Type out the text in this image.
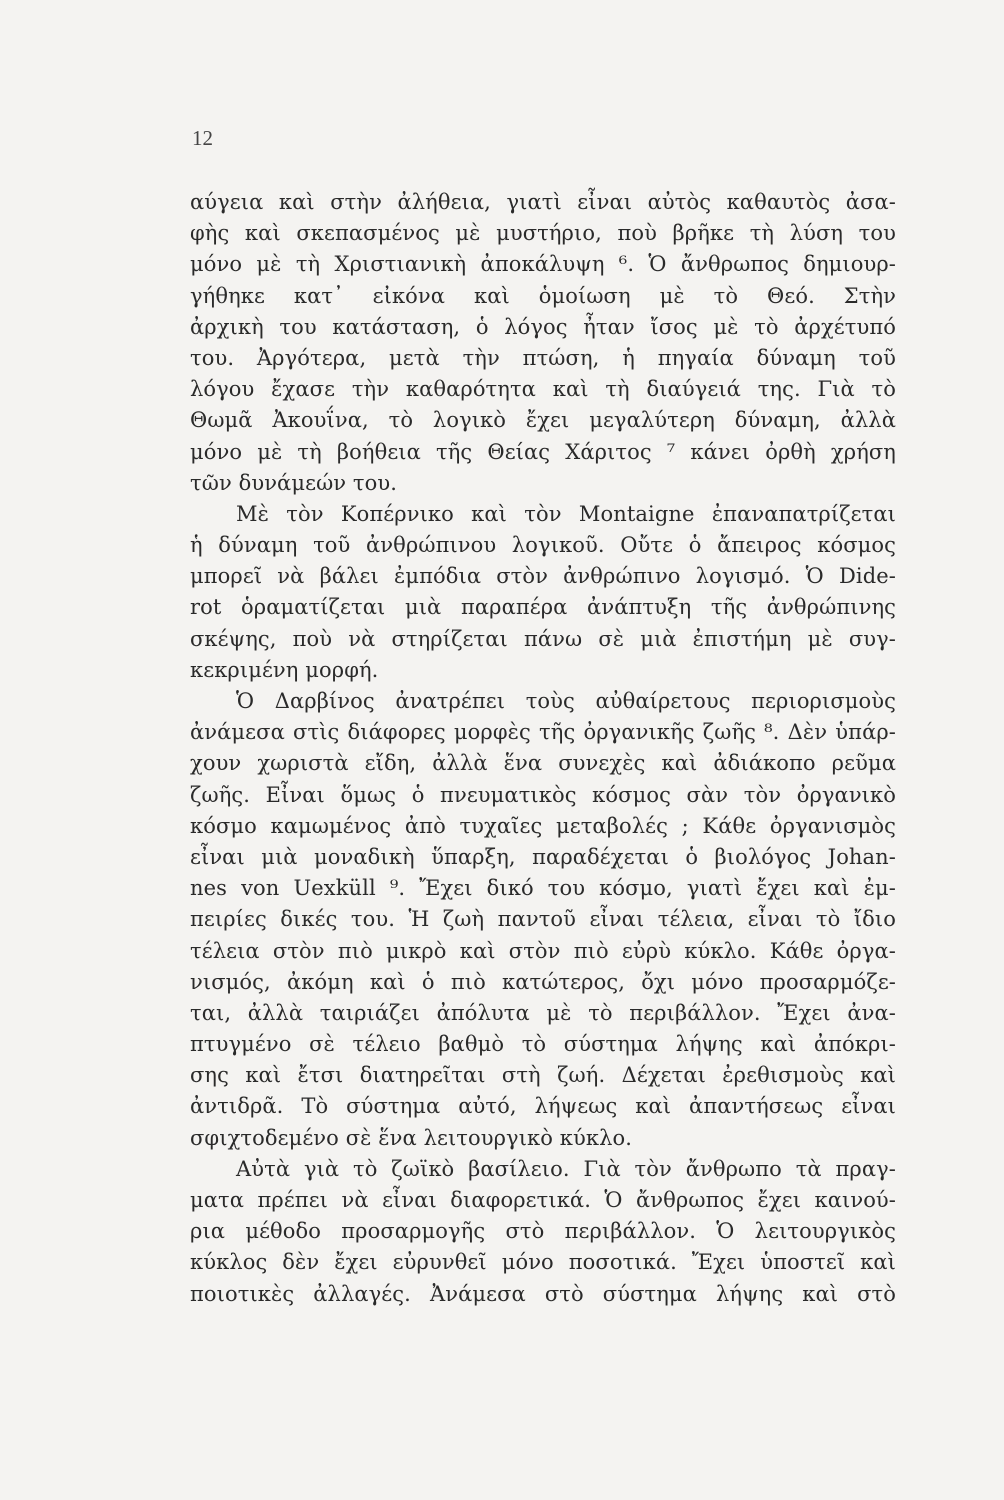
12
αύγεια καὶ στὴν ἀλήθεια, γιατὶ εἶναι αὐτὸς καθαυτὸς ἀσα-
φὴς καὶ σκεπασμένος μὲ μυστήριο, ποὺ βρῆκε τὴ λύση του
μόνο μὲ τὴ Χριστιανικὴ ἀποκάλυψη ⁶. Ὁ ἄνθρωπος δημιουρ-
γήθηκε κατ᾽ εἰκόνα καὶ ὁμοίωση μὲ τὸ Θεό. Στὴν
ἀρχικὴ του κατάσταση, ὁ λόγος ἦταν ἴσος μὲ τὸ ἀρχέτυπό
του. Ἀργότερα, μετὰ τὴν πτώση, ἡ πηγαία δύναμη τοῦ
λόγου ἔχασε τὴν καθαρότητα καὶ τὴ διαύγειά της. Γιὰ τὸ
Θωμᾶ Ἀκουΐνα, τὸ λογικὸ ἔχει μεγαλύτερη δύναμη, ἀλλὰ
μόνο μὲ τὴ βοήθεια τῆς Θείας Χάριτος ⁷ κάνει ὀρθὴ χρήση
τῶν δυνάμεών του.
Μὲ τὸν Κοπέρνικο καὶ τὸν Montaigne ἐπαναπατρίζεται
ἡ δύναμη τοῦ ἀνθρώπινου λογικοῦ. Οὔτε ὁ ἄπειρος κόσμος
μπορεῖ νὰ βάλει ἐμπόδια στὸν ἀνθρώπινο λογισμό. Ὁ Dide-
rot ὁραματίζεται μιὰ παραπέρα ἀνάπτυξη τῆς ἀνθρώπινης
σκέψης, ποὺ νὰ στηρίζεται πάνω σὲ μιὰ ἐπιστήμη μὲ συγ-
κεκριμένη μορφή.
Ὁ Δαρβίνος ἀνατρέπει τοὺς αὐθαίρετους περιορισμοὺς
ἀνάμεσα στὶς διάφορες μορφὲς τῆς ὀργανικῆς ζωῆς ⁸. Δὲν ὑπάρ-
χουν χωριστὰ εἴδη, ἀλλὰ ἕνα συνεχὲς καὶ ἀδιάκοπο ρεῦμα
ζωῆς. Εἶναι ὅμως ὁ πνευματικὸς κόσμος σὰν τὸν ὀργανικὸ
κόσμο καμωμένος ἀπὸ τυχαῖες μεταβολές ; Κάθε ὀργανισμὸς
εἶναι μιὰ μοναδικὴ ὕπαρξη, παραδέχεται ὁ βιολόγος Johan-
nes von Uexküll ⁹. Ἔχει δικό του κόσμο, γιατὶ ἔχει καὶ ἐμ-
πειρίες δικές του. Ἡ ζωὴ παντοῦ εἶναι τέλεια, εἶναι τὸ ἴδιο
τέλεια στὸν πιὸ μικρὸ καὶ στὸν πιὸ εὐρὺ κύκλο. Κάθε ὀργα-
νισμός, ἀκόμη καὶ ὁ πιὸ κατώτερος, ὄχι μόνο προσαρμόζε-
ται, ἀλλὰ ταιριάζει ἀπόλυτα μὲ τὸ περιβάλλον. Ἔχει ἀνα-
πτυγμένο σὲ τέλειο βαθμὸ τὸ σύστημα λήψης καὶ ἀπόκρι-
σης καὶ ἔτσι διατηρεῖται στὴ ζωή. Δέχεται ἐρεθισμοὺς καὶ
ἀντιδρᾶ. Τὸ σύστημα αὐτό, λήψεως καὶ ἀπαντήσεως εἶναι
σφιχτοδεμένο σὲ ἕνα λειτουργικὸ κύκλο.
Αὐτὰ γιὰ τὸ ζωϊκὸ βασίλειο. Γιὰ τὸν ἄνθρωπο τὰ πραγ-
ματα πρέπει νὰ εἶναι διαφορετικά. Ὁ ἄνθρωπος ἔχει καινού-
ρια μέθοδο προσαρμογῆς στὸ περιβάλλον. Ὁ λειτουργικὸς
κύκλος δὲν ἔχει εὐρυνθεῖ μόνο ποσοτικά. Ἔχει ὑποστεῖ καὶ
ποιοτικὲς ἀλλαγές. Ἀνάμεσα στὸ σύστημα λήψης καὶ στὸ
